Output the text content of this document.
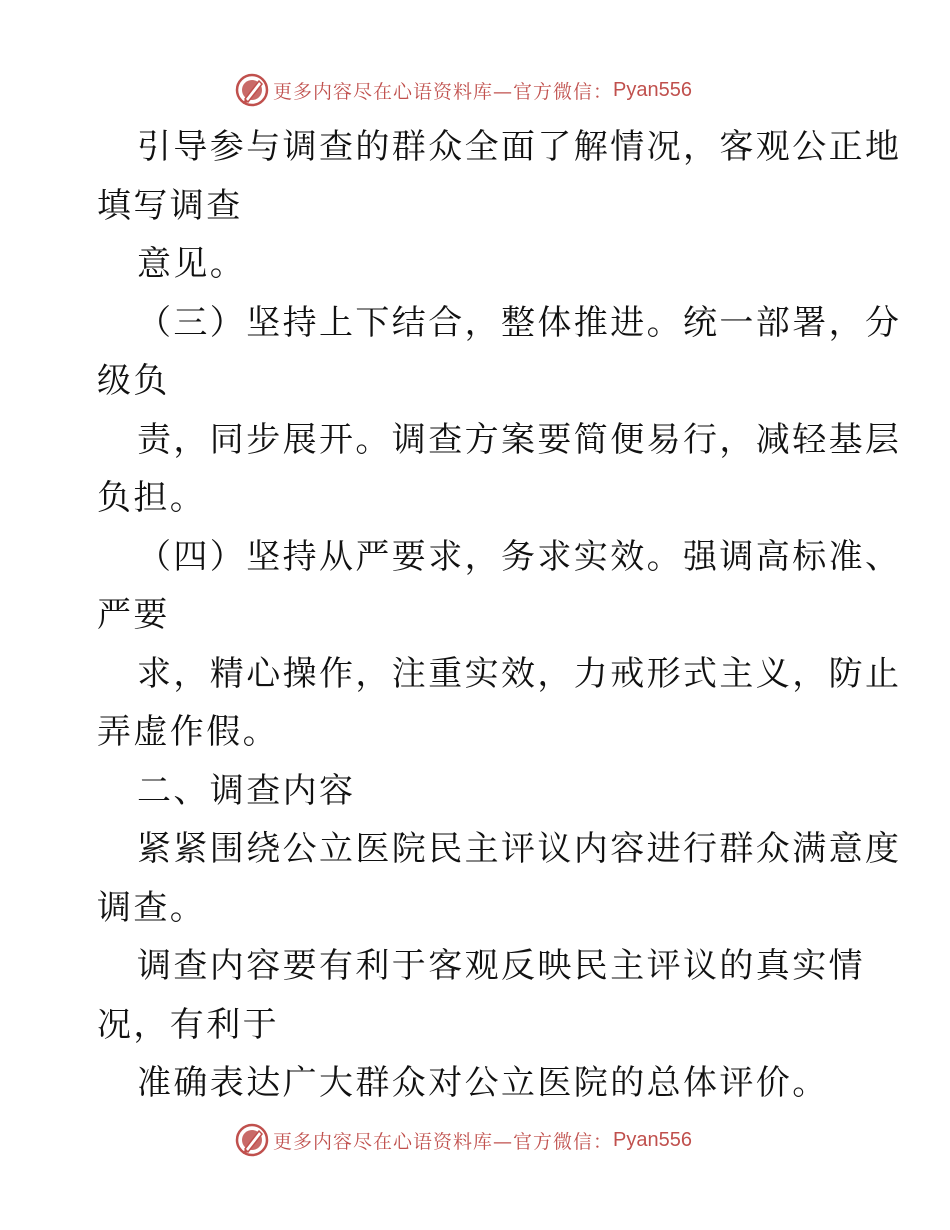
更多内容尽在心语资料库—官方微信： Pyan556
引导参与调查的群众全面了解情况，客观公正地
填写调查
意见。
（三）坚持上下结合，整体推进。统一部署，分
级负
责，同步展开。调查方案要简便易行，减轻基层
负担。
（四）坚持从严要求，务求实效。强调高标准、
严要
求，精心操作，注重实效，力戒形式主义，防止
弄虚作假。
二、调查内容
紧紧围绕公立医院民主评议内容进行群众满意度
调查。
调查内容要有利于客观反映民主评议的真实情
况，有利于
准确表达广大群众对公立医院的总体评价。
更多内容尽在心语资料库—官方微信： Pyan556
